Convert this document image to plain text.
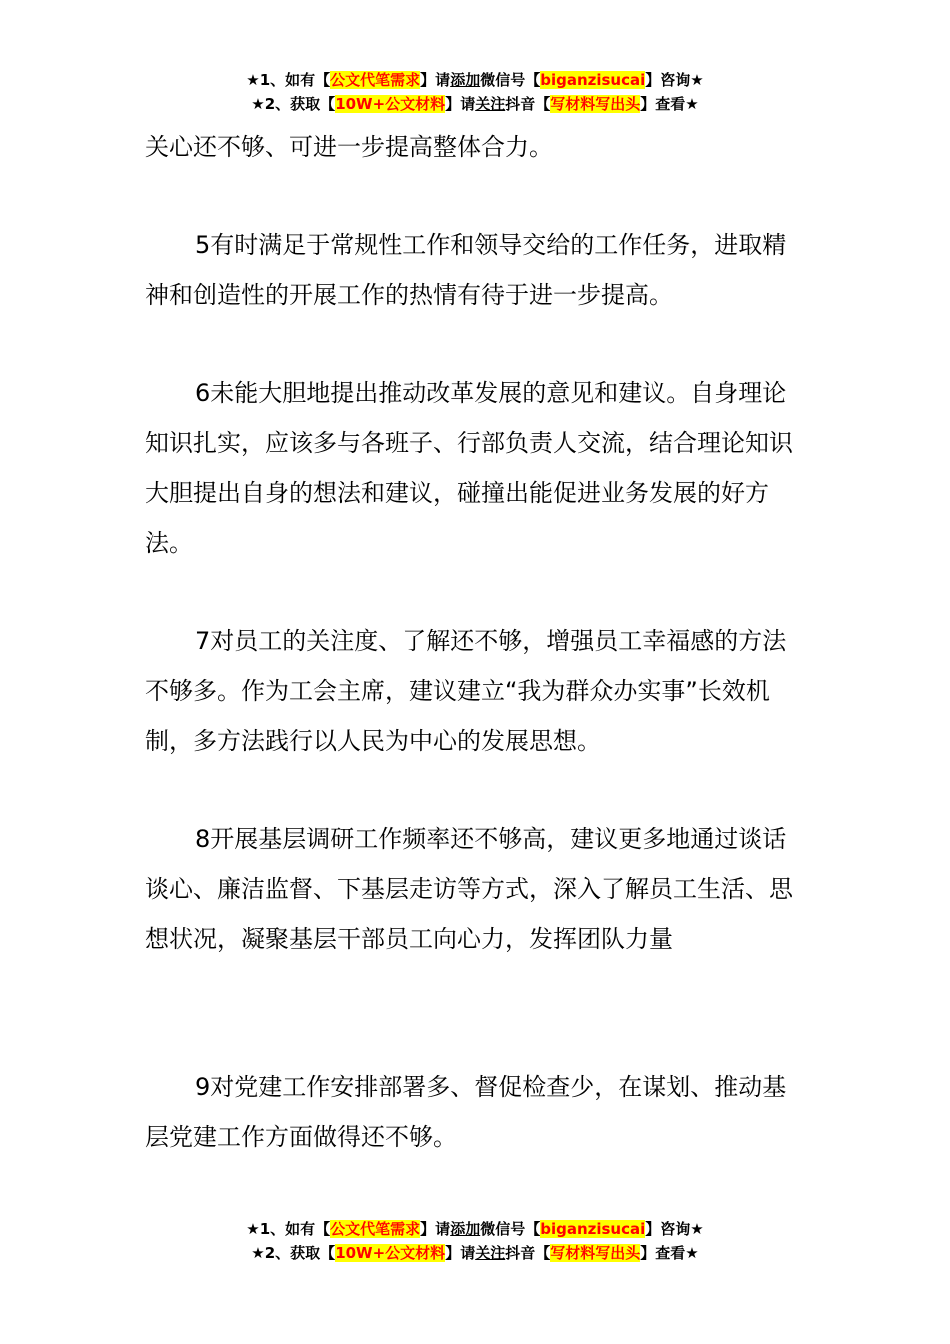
★1、如有【公文代笔需求】请添加微信号【biganzisucai】咨询★
★2、获取【10W+公文材料】请关注抖音【写材料写出头】查看★

关心还不够、可进一步提高整体合力。

5有时满足于常规性工作和领导交给的工作任务，进取精神和创造性的开展工作的热情有待于进一步提高。

6未能大胆地提出推动改革发展的意见和建议。自身理论知识扎实，应该多与各班子、行部负责人交流，结合理论知识大胆提出自身的想法和建议，碰撞出能促进业务发展的好方法。

7对员工的关注度、了解还不够，增强员工幸福感的方法不够多。作为工会主席，建议建立“我为群众办实事”长效机制，多方法践行以人民为中心的发展思想。

8开展基层调研工作频率还不够高，建议更多地通过谈话谈心、廉洁监督、下基层走访等方式，深入了解员工生活、思想状况，凝聚基层干部员工向心力，发挥团队力量

9对党建工作安排部署多、督促检查少，在谋划、推动基层党建工作方面做得还不够。

★1、如有【公文代笔需求】请添加微信号【biganzisucai】咨询★
★2、获取【10W+公文材料】请关注抖音【写材料写出头】查看★
